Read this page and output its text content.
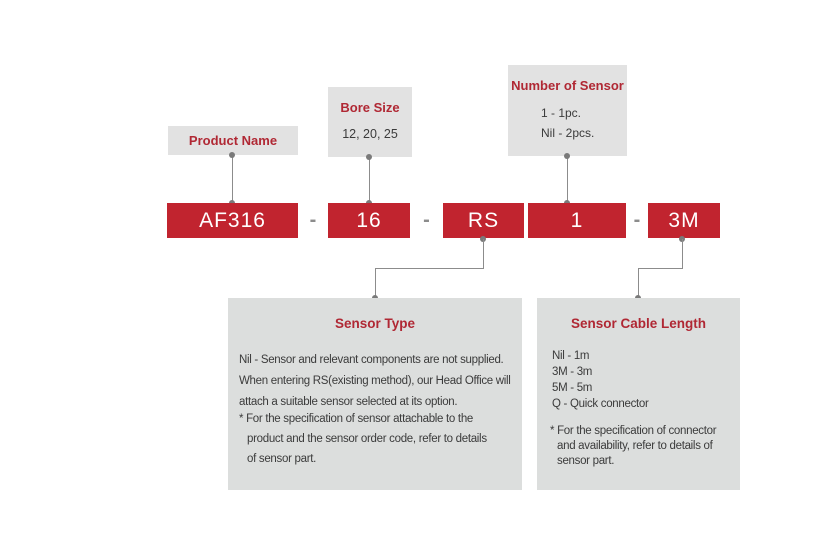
Product Name
Bore Size
12, 20, 25
Number of Sensor
1 - 1pc.
Nil - 2pcs.
AF316	-	16	-	RS	1	-	3M
Sensor Type
Nil - Sensor and relevant components are not supplied.
When entering RS(existing method), our Head Office will
attach a suitable sensor selected at its option.
* For the specification of sensor attachable to the
product and the sensor order code, refer to details
of sensor part.
Sensor Cable Length
Nil - 1m
3M - 3m
5M - 5m
Q - Quick connector
* For the specification of connector
and availability, refer to details of
sensor part.
